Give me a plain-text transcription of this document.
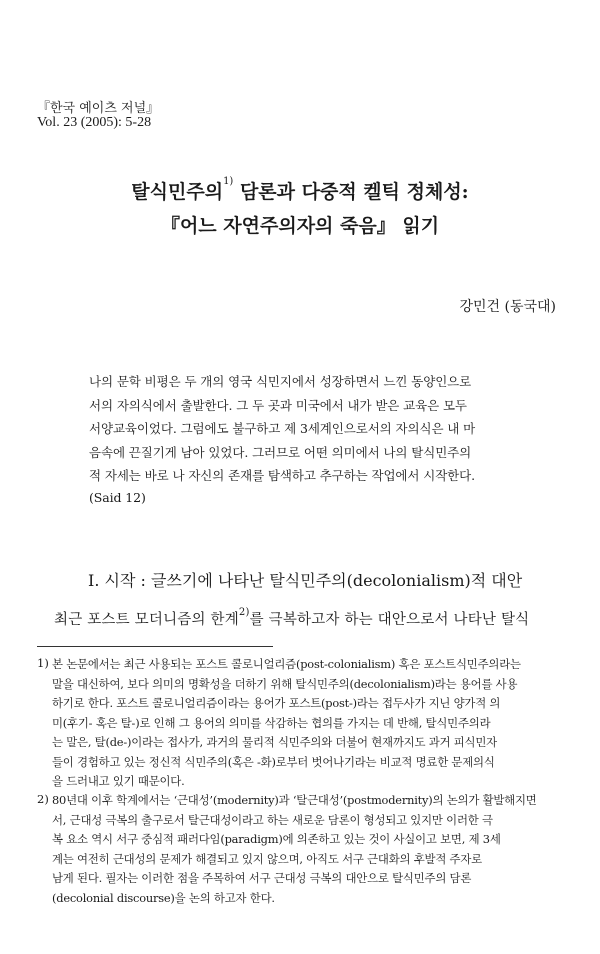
『한국 예이츠 저널』
Vol. 23 (2005): 5-28
탈식민주의$^{1)}$ 담론과 다중적 켈틱 정체성:
『어느 자연주의자의 죽음』 읽기
강민건 (동국대)
나의 문학 비평은 두 개의 영국 식민지에서 성장하면서 느낀 동양인으로
서의 자의식에서 출발한다. 그 두 곳과 미국에서 내가 받은 교육은 모두
서양교육이었다. 그럼에도 불구하고 제 3세계인으로서의 자의식은 내 마
음속에 끈질기게 남아 있었다. 그러므로 어떤 의미에서 나의 탈식민주의
적 자세는 바로 나 자신의 존재를 탐색하고 추구하는 작업에서 시작한다.
(Said 12)
I. 시작 : 글쓰기에 나타난 탈식민주의(decolonialism)적 대안
최근 포스트 모더니즘의 한계$^{2)}$를 극복하고자 하는 대안으로서 나타난 탈식
1) 본 논문에서는 최근 사용되는 포스트 콜로니얼리즘(post-colonialism) 혹은 포스트식민주의라는
말을 대신하여, 보다 의미의 명확성을 더하기 위해 탈식민주의(decolonialism)라는 용어를 사용
하기로 한다. 포스트 콜로니얼리즘이라는 용어가 포스트(post-)라는 접두사가 지닌 양가적 의
미(후기- 혹은 탈-)로 인해 그 용어의 의미를 삭감하는 협의를 가지는 데 반해, 탈식민주의라
는 말은, 탈(de-)이라는 접사가, 과거의 물리적 식민주의와 더불어 현재까지도 과거 피식민자
들이 경험하고 있는 정신적 식민주의(혹은 -화)로부터 벗어나기라는 비교적 명료한 문제의식
을 드러내고 있기 때문이다.
2) 80년대 이후 학계에서는 ‘근대성’(modernity)과 ‘탈근대성’(postmodernity)의 논의가 활발해지면
서, 근대성 극복의 출구로서 탈근대성이라고 하는 새로운 담론이 형성되고 있지만 이러한 극
복 요소 역시 서구 중심적 패러다임(paradigm)에 의존하고 있는 것이 사실이고 보면, 제 3세
계는 여전히 근대성의 문제가 해결되고 있지 않으며, 아직도 서구 근대화의 후발적 주자로
남게 된다. 필자는 이러한 점을 주목하여 서구 근대성 극복의 대안으로 탈식민주의 담론
(decolonial discourse)을 논의 하고자 한다.
